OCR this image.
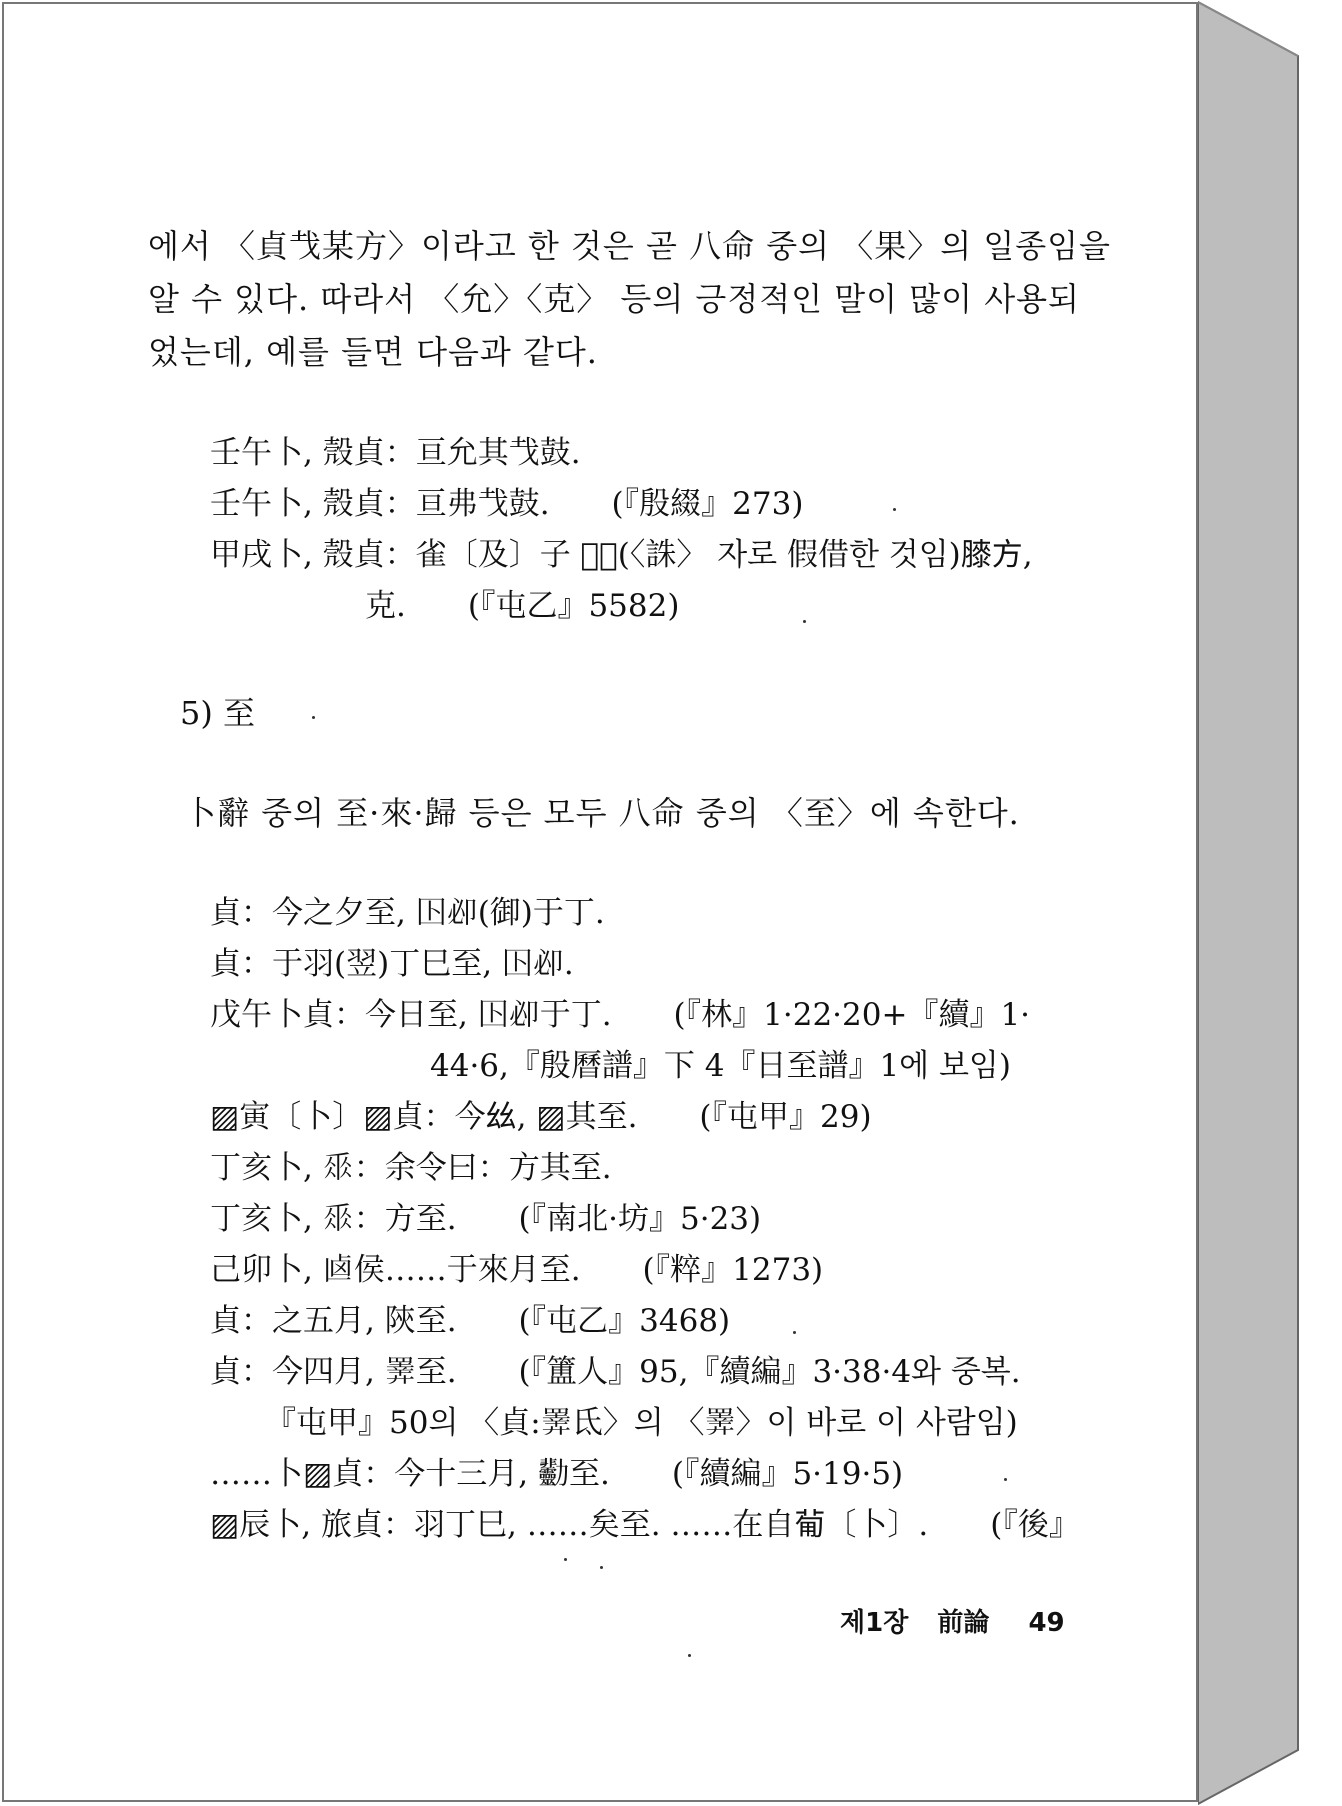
에서 〈貞𢦏某方〉이라고 한 것은 곧 八命 중의 〈果〉의 일종임을
알 수 있다. 따라서 〈允〉〈克〉 등의 긍정적인 말이 많이 사용되
었는데, 예를 들면 다음과 같다.

壬午卜, 殼貞：亘允其𢦏鼓.
壬午卜, 殼貞：亘弗𢦏鼓.　　(『殷綴』273)
甲戌卜, 殼貞：雀〔及〕子 𦎫𢓊(〈誅〉 자로 假借한 것임)𦡀方,
克.　　(『屯乙』5582)
5) 至
卜辭 중의 至·來·歸 등은 모두 八命 중의 〈至〉에 속한다.
貞：今之夕至, 𡆥𠨘(御)于丁.
貞：于羽(翌)丁巳至, 𡆥𠨘.
戊午卜貞：今日至, 𡆥𠨘于丁.　　(『林』1·22·20+『續』1·
44·6,『殷曆譜』下 4『日至譜』1에 보임)
▨寅〔卜〕▨貞：今𢆶, ▨其至.　　(『屯甲』29)
丁亥卜, 𠂹：余令曰：方其至.
丁亥卜, 𠂹：方至.　　(『南北·坊』5·23)
己卯卜, 𠧟侯……于來月至.　　(『粹』1273)
貞：之五月, 陝至.　　(『屯乙』3468)
貞：今四月, 𢍰至.　　(『簠人』95,『續編』3·38·4와 중복.
『屯甲』50의 〈貞:𢍰氐〉의 〈𢍰〉이 바로 이 사람임)
……卜▨貞：今十三月, 𠣋至.　　(『續編』5·19·5)
▨辰卜, 旅貞：羽丁巳, ……矣至. ……在自𤰈〔卜〕.　　(『後』
제1장 前論 49
